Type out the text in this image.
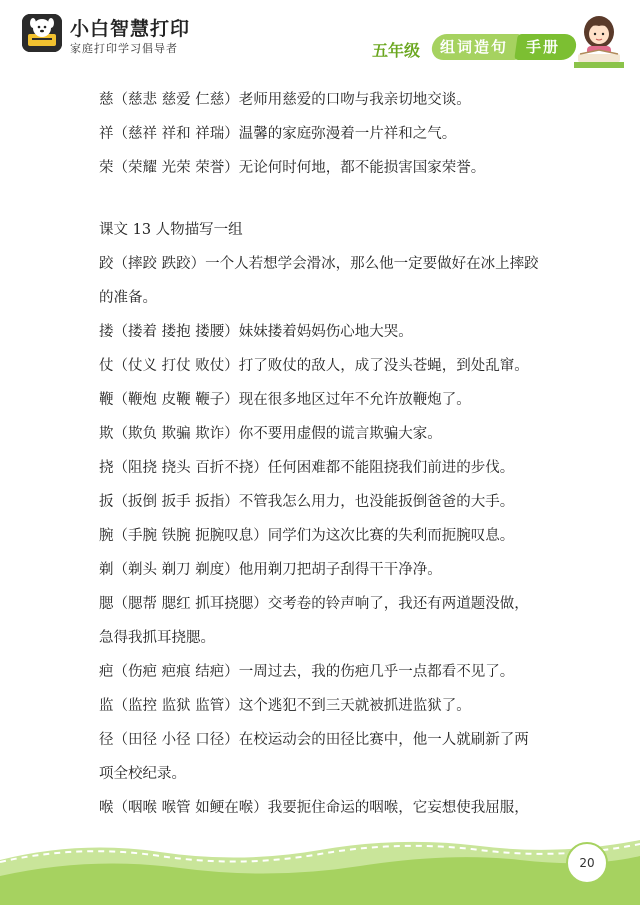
小白智慧打印
家庭打印学习倡导者	五年级 组词造句 手册
慈（慈悲 慈爱 仁慈）老师用慈爱的口吻与我亲切地交谈。
祥（慈祥 祥和 祥瑞）温馨的家庭弥漫着一片祥和之气。
荣（荣耀 光荣 荣誉）无论何时何地，都不能损害国家荣誉。
课文 13 人物描写一组
跤（摔跤 跌跤）一个人若想学会滑冰，那么他一定要做好在冰上摔跤
的准备。
搂（搂着 搂抱 搂腰）妹妹搂着妈妈伤心地大哭。
仗（仗义 打仗 败仗）打了败仗的敌人，成了没头苍蝇，到处乱窜。
鞭（鞭炮 皮鞭 鞭子）现在很多地区过年不允许放鞭炮了。
欺（欺负 欺骗 欺诈）你不要用虚假的谎言欺骗大家。
挠（阻挠 挠头 百折不挠）任何困难都不能阻挠我们前进的步伐。
扳（扳倒 扳手 扳指）不管我怎么用力，也没能扳倒爸爸的大手。
腕（手腕 铁腕 扼腕叹息）同学们为这次比赛的失利而扼腕叹息。
剃（剃头 剃刀 剃度）他用剃刀把胡子刮得干干净净。
腮（腮帮 腮红 抓耳挠腮）交考卷的铃声响了，我还有两道题没做，
急得我抓耳挠腮。
疤（伤疤 疤痕 结疤）一周过去，我的伤疤几乎一点都看不见了。
监（监控 监狱 监管）这个逃犯不到三天就被抓进监狱了。
径（田径 小径 口径）在校运动会的田径比赛中，他一人就刷新了两
项全校纪录。
喉（咽喉 喉管 如鲠在喉）我要扼住命运的咽喉，它妄想使我屈服，
20
